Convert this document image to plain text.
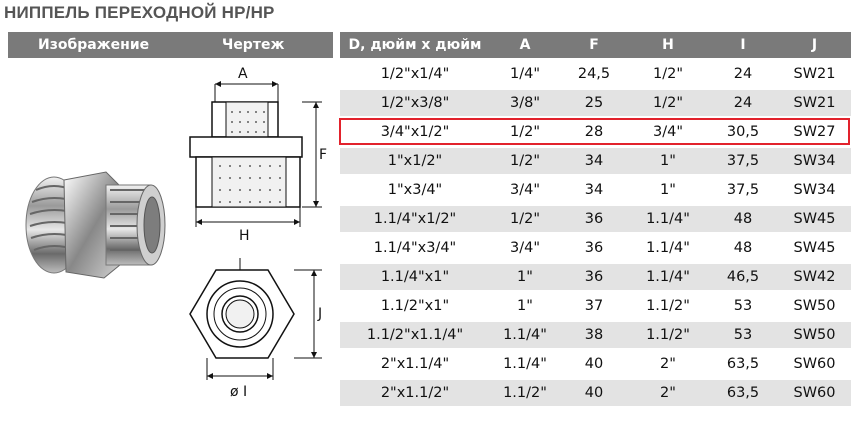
НИППЕЛЬ ПЕРЕХОДНОЙ НР/НР
Изображение	Чертеж	D, дюйм х дюйм	A	F	H	I	J
1/2"x1/4"	1/4"	24,5	1/2"	24	SW21
1/2"x3/8"	3/8"	25	1/2"	24	SW21
3/4"x1/2"	1/2"	28	3/4"	30,5	SW27
1"x1/2"	1/2"	34	1"	37,5	SW34
1"x3/4"	3/4"	34	1"	37,5	SW34
1.1/4"x1/2"	1/2"	36	1.1/4"	48	SW45
1.1/4"x3/4"	3/4"	36	1.1/4"	48	SW45
1.1/4"x1"	1"	36	1.1/4"	46,5	SW42
1.1/2"x1"	1"	37	1.1/2"	53	SW50
1.1/2"x1.1/4"	1.1/4"	38	1.1/2"	53	SW50
2"x1.1/4"	1.1/4"	40	2"	63,5	SW60
2"x1.1/2"	1.1/2"	40	2"	63,5	SW60
A
F
H
J
ø I
